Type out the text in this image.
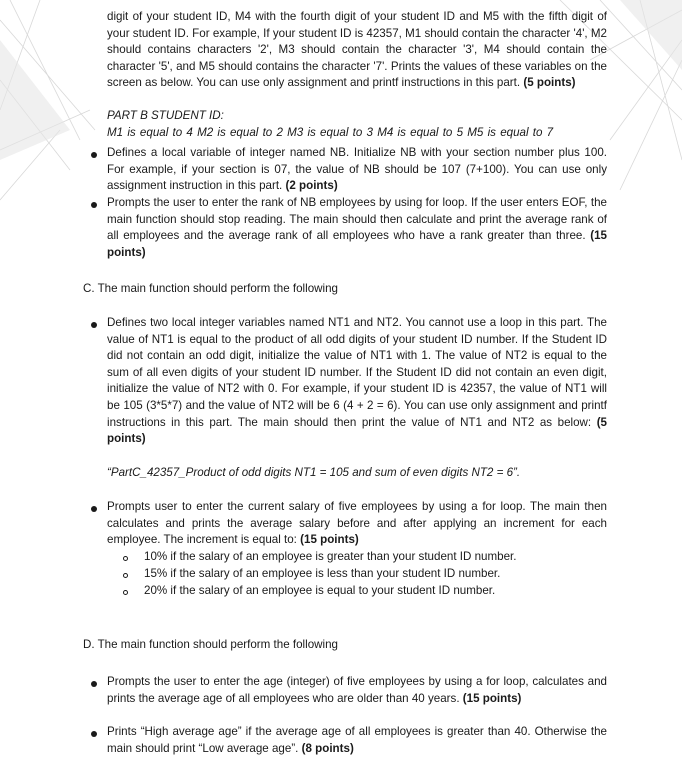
digit of your student ID, M4 with the fourth digit of your student ID and M5 with the fifth digit of your student ID. For example, If your student ID is 42357, M1 should contain the character '4', M2 should contains characters '2', M3 should contain the character '3', M4 should contain the character '5', and M5 should contains the character '7'. Prints the values of these variables on the screen as below. You can use only assignment and printf instructions in this part. (5 points)
PART B STUDENT ID:
M1 is equal to 4 M2 is equal to 2 M3 is equal to 3 M4 is equal to 5 M5 is equal to 7
Defines a local variable of integer named NB. Initialize NB with your section number plus 100. For example, if your section is 07, the value of NB should be 107 (7+100). You can use only assignment instruction in this part. (2 points)
Prompts the user to enter the rank of NB employees by using for loop. If the user enters EOF, the main function should stop reading. The main should then calculate and print the average rank of all employees and the average rank of all employees who have a rank greater than three. (15 points)
C. The main function should perform the following
Defines two local integer variables named NT1 and NT2. You cannot use a loop in this part. The value of NT1 is equal to the product of all odd digits of your student ID number. If the Student ID did not contain an odd digit, initialize the value of NT1 with 1. The value of NT2 is equal to the sum of all even digits of your student ID number. If the Student ID did not contain an even digit, initialize the value of NT2 with 0. For example, if your student ID is 42357, the value of NT1 will be 105 (3*5*7) and the value of NT2 will be 6 (4 + 2 = 6). You can use only assignment and printf instructions in this part. The main should then print the value of NT1 and NT2 as below: (5 points)
“PartC_42357_Product of odd digits NT1 = 105 and sum of even digits NT2 = 6”.
Prompts user to enter the current salary of five employees by using a for loop. The main then calculates and prints the average salary before and after applying an increment for each employee. The increment is equal to: (15 points)
10% if the salary of an employee is greater than your student ID number.
15% if the salary of an employee is less than your student ID number.
20% if the salary of an employee is equal to your student ID number.
D. The main function should perform the following
Prompts the user to enter the age (integer) of five employees by using a for loop, calculates and prints the average age of all employees who are older than 40 years. (15 points)
Prints “High average age” if the average age of all employees is greater than 40. Otherwise the main should print “Low average age”. (8 points)
